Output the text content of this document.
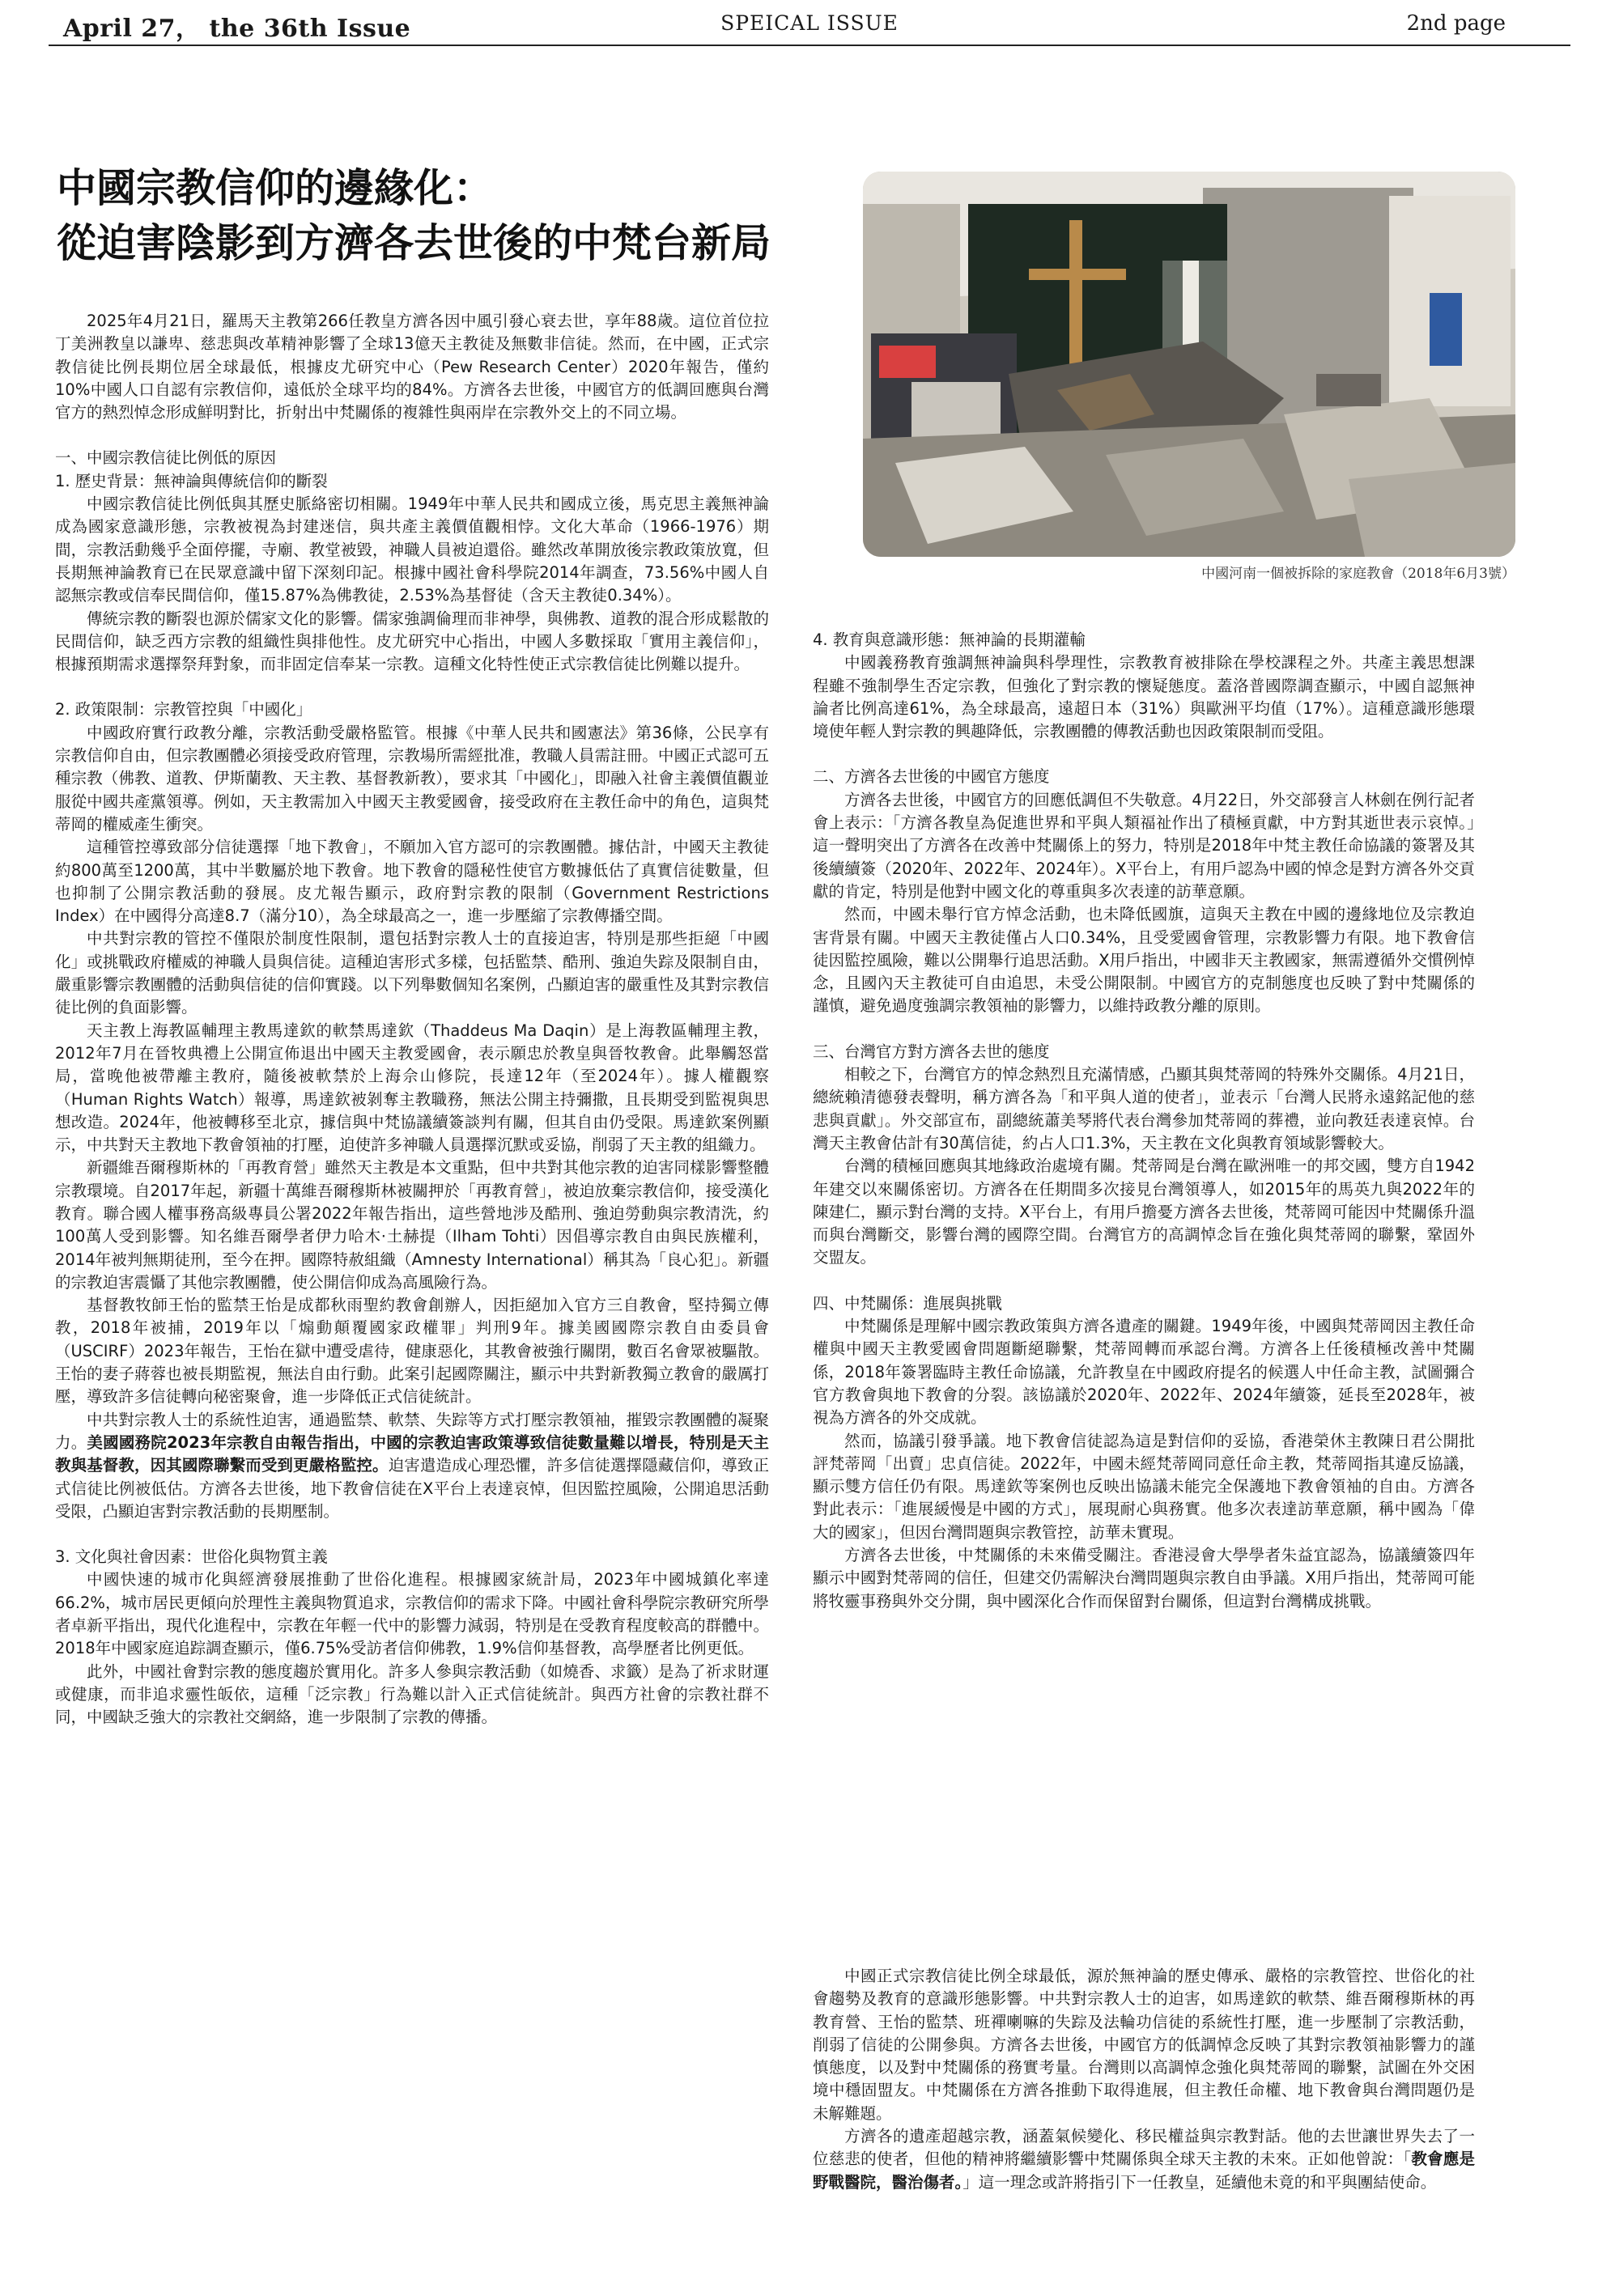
April 27， the 36th Issue	SPEICAL ISSUE	2nd page
中國宗教信仰的邊緣化：
從迫害陰影到方濟各去世後的中梵台新局
中國河南一個被拆除的家庭教會（2018年6月3號）

2025年4月21日，羅馬天主教第266任教皇方濟各因中風引發心衰去世，享年88歲。這位首位拉丁美洲教皇以謙卑、慈悲與改革精神影響了全球13億天主教徒及無數非信徒。然而，在中國，正式宗教信徒比例長期位居全球最低，根據皮尤研究中心（Pew Research Center）2020年報告，僅約10%中國人口自認有宗教信仰，遠低於全球平均的84%。方濟各去世後，中國官方的低調回應與台灣官方的熱烈悼念形成鮮明對比，折射出中梵關係的複雜性與兩岸在宗教外交上的不同立場。

一、中國宗教信徒比例低的原因
1. 歷史背景：無神論與傳統信仰的斷裂

中國宗教信徒比例低與其歷史脈絡密切相關。1949年中華人民共和國成立後，馬克思主義無神論成為國家意識形態，宗教被視為封建迷信，與共產主義價值觀相悖。文化大革命（1966-1976）期間，宗教活動幾乎全面停擺，寺廟、教堂被毀，神職人員被迫還俗。雖然改革開放後宗教政策放寬，但長期無神論教育已在民眾意識中留下深刻印記。根據中國社會科學院2014年調查，73.56%中國人自認無宗教或信奉民間信仰，僅15.87%為佛教徒，2.53%為基督徒（含天主教徒0.34%）。

傳統宗教的斷裂也源於儒家文化的影響。儒家強調倫理而非神學，與佛教、道教的混合形成鬆散的民間信仰，缺乏西方宗教的組織性與排他性。皮尤研究中心指出，中國人多數採取「實用主義信仰」，根據預期需求選擇祭拜對象，而非固定信奉某一宗教。這種文化特性使正式宗教信徒比例難以提升。

2. 政策限制：宗教管控與「中國化」

中國政府實行政教分離，宗教活動受嚴格監管。根據《中華人民共和國憲法》第36條，公民享有宗教信仰自由，但宗教團體必須接受政府管理，宗教場所需經批准，教職人員需註冊。中國正式認可五種宗教（佛教、道教、伊斯蘭教、天主教、基督教新教），要求其「中國化」，即融入社會主義價值觀並服從中國共產黨領導。例如，天主教需加入中國天主教愛國會，接受政府在主教任命中的角色，這與梵蒂岡的權威產生衝突。

這種管控導致部分信徒選擇「地下教會」，不願加入官方認可的宗教團體。據估計，中國天主教徒約800萬至1200萬，其中半數屬於地下教會。地下教會的隱秘性使官方數據低估了真實信徒數量，但也抑制了公開宗教活動的發展。皮尤報告顯示，政府對宗教的限制（Government Restrictions Index）在中國得分高達8.7（滿分10），為全球最高之一，進一步壓縮了宗教傳播空間。

中共對宗教的管控不僅限於制度性限制，還包括對宗教人士的直接迫害，特別是那些拒絕「中國化」或挑戰政府權威的神職人員與信徒。這種迫害形式多樣，包括監禁、酷刑、強迫失踪及限制自由，嚴重影響宗教團體的活動與信徒的信仰實踐。以下列舉數個知名案例，凸顯迫害的嚴重性及其對宗教信徒比例的負面影響。

天主教上海教區輔理主教馬達欽的軟禁馬達欽（Thaddeus Ma Daqin）是上海教區輔理主教，2012年7月在晉牧典禮上公開宣佈退出中國天主教愛國會，表示願忠於教皇與晉牧教會。此舉觸怒當局，當晚他被帶離主教府，隨後被軟禁於上海佘山修院，長達12年（至2024年）。據人權觀察（Human Rights Watch）報導，馬達欽被剝奪主教職務，無法公開主持彌撒，且長期受到監視與思想改造。2024年，他被轉移至北京，據信與中梵協議續簽談判有關，但其自由仍受限。馬達欽案例顯示，中共對天主教地下教會領袖的打壓，迫使許多神職人員選擇沉默或妥協，削弱了天主教的組織力。

新疆維吾爾穆斯林的「再教育營」雖然天主教是本文重點，但中共對其他宗教的迫害同樣影響整體宗教環境。自2017年起，新疆十萬維吾爾穆斯林被關押於「再教育營」，被迫放棄宗教信仰，接受漢化教育。聯合國人權事務高級專員公署2022年報告指出，這些營地涉及酷刑、強迫勞動與宗教清洗，約100萬人受到影響。知名維吾爾學者伊力哈木·土赫提（Ilham Tohti）因倡導宗教自由與民族權利，2014年被判無期徒刑，至今在押。國際特赦組織（Amnesty International）稱其為「良心犯」。新疆的宗教迫害震懾了其他宗教團體，使公開信仰成為高風險行為。

基督教牧師王怡的監禁王怡是成都秋雨聖約教會創辦人，因拒絕加入官方三自教會，堅持獨立傳教，2018年被捕，2019年以「煽動顛覆國家政權罪」判刑9年。據美國國際宗教自由委員會（USCIRF）2023年報告，王怡在獄中遭受虐待，健康惡化，其教會被強行關閉，數百名會眾被驅散。王怡的妻子蔣蓉也被長期監視，無法自由行動。此案引起國際關注，顯示中共對新教獨立教會的嚴厲打壓，導致許多信徒轉向秘密聚會，進一步降低正式信徒統計。

中共對宗教人士的系統性迫害，通過監禁、軟禁、失踪等方式打壓宗教領袖，摧毀宗教團體的凝聚力。美國國務院2023年宗教自由報告指出，中國的宗教迫害政策導致信徒數量難以增長，特別是天主教與基督教，因其國際聯繫而受到更嚴格監控。迫害遣造成心理恐懼，許多信徒選擇隱藏信仰，導致正式信徒比例被低估。方濟各去世後，地下教會信徒在X平台上表達哀悼，但因監控風險，公開追思活動受限，凸顯迫害對宗教活動的長期壓制。

3. 文化與社會因素：世俗化與物質主義

中國快速的城市化與經濟發展推動了世俗化進程。根據國家統計局，2023年中國城鎮化率達66.2%，城市居民更傾向於理性主義與物質追求，宗教信仰的需求下降。中國社會科學院宗教研究所學者卓新平指出，現代化進程中，宗教在年輕一代中的影響力減弱，特別是在受教育程度較高的群體中。2018年中國家庭追踪調查顯示，僅6.75%受訪者信仰佛教，1.9%信仰基督教，高學歷者比例更低。

此外，中國社會對宗教的態度趨於實用化。許多人參與宗教活動（如燒香、求籤）是為了祈求財運或健康，而非追求靈性皈依，這種「泛宗教」行為難以計入正式信徒統計。與西方社會的宗教社群不同，中國缺乏強大的宗教社交網絡，進一步限制了宗教的傳播。

4. 教育與意識形態：無神論的長期灌輸

中國義務教育強調無神論與科學理性，宗教教育被排除在學校課程之外。共產主義思想課程雖不強制學生否定宗教，但強化了對宗教的懷疑態度。蓋洛普國際調查顯示，中國自認無神論者比例高達61%，為全球最高，遠超日本（31%）與歐洲平均值（17%）。這種意識形態環境使年輕人對宗教的興趣降低，宗教團體的傳教活動也因政策限制而受阻。

二、方濟各去世後的中國官方態度

方濟各去世後，中國官方的回應低調但不失敬意。4月22日，外交部發言人林劍在例行記者會上表示：「方濟各教皇為促進世界和平與人類福祉作出了積極貢獻，中方對其逝世表示哀悼。」這一聲明突出了方濟各在改善中梵關係上的努力，特別是2018年中梵主教任命協議的簽署及其後續續簽（2020年、2022年、2024年）。X平台上，有用戶認為中國的悼念是對方濟各外交貢獻的肯定，特別是他對中國文化的尊重與多次表達的訪華意願。

然而，中國未舉行官方悼念活動，也未降低國旗，這與天主教在中國的邊緣地位及宗教迫害背景有關。中國天主教徒僅占人口0.34%，且受愛國會管理，宗教影響力有限。地下教會信徒因監控風險，難以公開舉行追思活動。X用戶指出，中國非天主教國家，無需遵循外交慣例悼念，且國內天主教徒可自由追思，未受公開限制。中國官方的克制態度也反映了對中梵關係的謹慎，避免過度強調宗教領袖的影響力，以維持政教分離的原則。

三、台灣官方對方濟各去世的態度

相較之下，台灣官方的悼念熱烈且充滿情感，凸顯其與梵蒂岡的特殊外交關係。4月21日，總統賴清德發表聲明，稱方濟各為「和平與人道的使者」，並表示「台灣人民將永遠銘記他的慈悲與貢獻」。外交部宣布，副總統蕭美琴將代表台灣參加梵蒂岡的葬禮，並向教廷表達哀悼。台灣天主教會估計有30萬信徒，約占人口1.3%，天主教在文化與教育領域影響較大。

台灣的積極回應與其地緣政治處境有關。梵蒂岡是台灣在歐洲唯一的邦交國，雙方自1942年建交以來關係密切。方濟各在任期間多次接見台灣領導人，如2015年的馬英九與2022年的陳建仁，顯示對台灣的支持。X平台上，有用戶擔憂方濟各去世後，梵蒂岡可能因中梵關係升溫而與台灣斷交，影響台灣的國際空間。台灣官方的高調悼念旨在強化與梵蒂岡的聯繫，鞏固外交盟友。

四、中梵關係：進展與挑戰

中梵關係是理解中國宗教政策與方濟各遺產的關鍵。1949年後，中國與梵蒂岡因主教任命權與中國天主教愛國會問題斷絕聯繫，梵蒂岡轉而承認台灣。方濟各上任後積極改善中梵關係，2018年簽署臨時主教任命協議，允許教皇在中國政府提名的候選人中任命主教，試圖彌合官方教會與地下教會的分裂。該協議於2020年、2022年、2024年續簽，延長至2028年，被視為方濟各的外交成就。

然而，協議引發爭議。地下教會信徒認為這是對信仰的妥協，香港榮休主教陳日君公開批評梵蒂岡「出賣」忠貞信徒。2022年，中國未經梵蒂岡同意任命主教，梵蒂岡指其違反協議，顯示雙方信任仍有限。馬達欽等案例也反映出協議未能完全保護地下教會領袖的自由。方濟各對此表示：「進展緩慢是中國的方式」，展現耐心與務實。他多次表達訪華意願，稱中國為「偉大的國家」，但因台灣問題與宗教管控，訪華未實現。

方濟各去世後，中梵關係的未來備受關注。香港浸會大學學者朱益宜認為，協議續簽四年顯示中國對梵蒂岡的信任，但建交仍需解決台灣問題與宗教自由爭議。X用戶指出，梵蒂岡可能將牧靈事務與外交分開，與中國深化合作而保留對台關係，但這對台灣構成挑戰。

中國正式宗教信徒比例全球最低，源於無神論的歷史傳承、嚴格的宗教管控、世俗化的社會趨勢及教育的意識形態影響。中共對宗教人士的迫害，如馬達欽的軟禁、維吾爾穆斯林的再教育營、王怡的監禁、班禪喇嘛的失踪及法輪功信徒的系統性打壓，進一步壓制了宗教活動，削弱了信徒的公開參與。方濟各去世後，中國官方的低調悼念反映了其對宗教領袖影響力的謹慎態度，以及對中梵關係的務實考量。台灣則以高調悼念強化與梵蒂岡的聯繫，試圖在外交困境中穩固盟友。中梵關係在方濟各推動下取得進展，但主教任命權、地下教會與台灣問題仍是未解難題。

方濟各的遺產超越宗教，涵蓋氣候變化、移民權益與宗教對話。他的去世讓世界失去了一位慈悲的使者，但他的精神將繼續影響中梵關係與全球天主教的未來。正如他曾說：「教會應是野戰醫院，醫治傷者。」這一理念或許將指引下一任教皇，延續他未竟的和平與團結使命。
